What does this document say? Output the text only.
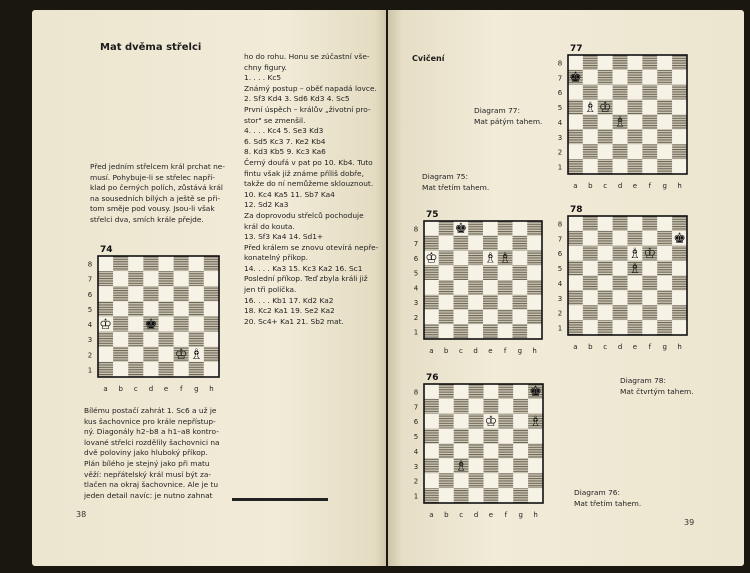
Mat dvěma střelci
Před jedním střelcem král prchat ne-
musí. Pohybuje-li se střelec napří-
klad po černých polích, zůstává král
na sousedních bílých a ještě se při-
tom směje pod vousy. Jsou-li však
střelci dva, smích krále přejde.
Bílému postačí zahrát 1. Sc6 a už je
kus šachovnice pro krále nepřístup-
ný. Diagonály h2–b8 a h1–a8 kontro-
lované střelci rozdělily šachovnici na
dvě poloviny jako hluboký příkop.
Plán bílého je stejný jako při matu
věží: nepřátelský král musí být za-
tlačen na okraj šachovnice. Ale je tu
jeden detail navíc: je nutno zahnat
ho do rohu. Honu se zúčastní vše-
chny figury.
1. . . . Kc5
Známý postup – oběť napadá lovce.
2. Sf3 Kd4 3. Sd6 Kd3 4. Sc5
První úspěch – králův „životní pro-
stor" se zmenšil.
4. . . . Kc4 5. Se3 Kd3
6. Sd5 Kc3 7. Ke2 Kb4
8. Kd3 Kb5 9. Kc3 Ka6
Černý doufá v pat po 10. Kb4. Tuto
fintu však již známe příliš dobře,
takže do ní nemůžeme sklouznout.
10. Kc4 Ka5 11. Sb7 Ka4
12. Sd2 Ka3
Za doprovodu střelců pochoduje
král do kouta.
13. Sf3 Ka4 14. Sd1+
Před králem se znovu otevírá nepře-
konatelný příkop.
14. . . . Ka3 15. Kc3 Ka2 16. Sc1
Poslední příkop. Teď zbyla králi již
jen tři políčka.
16. . . . Kb1 17. Kd2 Ka2
18. Kc2 Ka1 19. Se2 Ka2
20. Sc4+ Ka1 21. Sb2 mat.
38
Cvičení
Diagram 77:
Mat pátým tahem.
Diagram 75:
Mat třetím tahem.
Diagram 78:
Mat čtvrtým tahem.
Diagram 76:
Mat třetím tahem.
39
74
8
7
6
5
4
3
2
1
a b c d e f g h
♔ ♚
♔ ♗
77
8
7
6
5
4
3
2
1
a b c d e f g h
♚
♗ ♔
♗
75
8
7
6
5
4
3
2
1
a b c d e f g h
♚
♔	♗ ♗
78
8
7
6
5
4
3
2
1
a b c d e f g h
♚
♗ ♔
♗
76
8
7
6
5
4
3
2
1
a b c d e f g h
♚
♔ ♗
♗
